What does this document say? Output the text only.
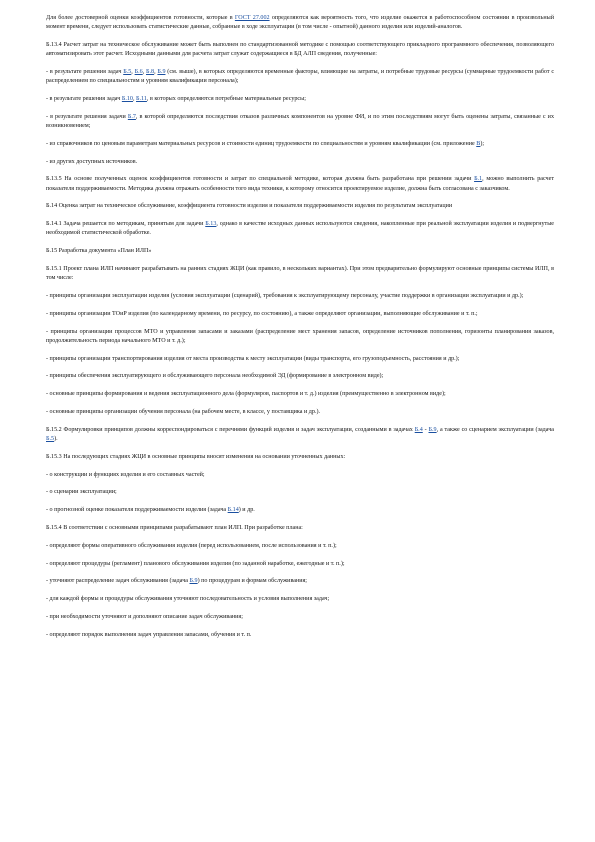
Для более достоверной оценки коэффициентов готовности, которые в ГОСТ 27.002 определяются как вероятность того, что изделие окажется в работоспособном состоянии в произвольный момент времени, следует использовать статистические данные, собранные в ходе эксплуатации (в том числе - опытной) данного изделия или изделий-аналогов.

Б.13.4 Расчет затрат на техническое обслуживание может быть выполнен по стандартизованной методике с помощью соответствующего прикладного программного обеспечения, позволяющего автоматизировать этот расчет. Исходными данными для расчета затрат служат содержащиеся в БД АЛП сведения, полученные:

- в результате решения задач Б.5, Б.6, Б.8, Б.9 (см. выше), в которых определяются временные факторы, влияющие на затраты, и потребные трудовые ресурсы (суммарные трудоемкости работ с распределением по специальностям и уровням квалификации персонала);

- в результате решения задач Б.10, Б.11, в которых определяются потребные материальные ресурсы;

- в результате решения задачи Б.7, в которой определяются последствия отказов различных компонентов на уровне ФИ, и по этим последствиям могут быть оценены затраты, связанные с их возникновением;

- из справочников по ценовым параметрам материальных ресурсов и стоимости единиц трудоемкости по специальностям и уровням квалификации (см. приложение В);

- из других доступных источников.

Б.13.5 На основе полученных оценок коэффициентов готовности и затрат по специальной методике, которая должна быть разработана при решении задачи Б.1, можно выполнить расчет показателя поддерживаемости. Методика должна отражать особенности того вида техники, к которому относится проектируемое изделие, должна быть согласована с заказчиком.

Б.14 Оценка затрат на техническое обслуживание, коэффициента готовности изделия и показателя поддерживаемости изделия по результатам эксплуатации

Б.14.1 Задача решается по методикам, принятым для задачи Б.13, однако в качестве исходных данных используются сведения, накопленные при реальной эксплуатации изделия и подвергнутые необходимой статистической обработке.

Б.15 Разработка документа «План ИЛП»

Б.15.1 Проект плана ИЛП начинают разрабатывать на ранних стадиях ЖЦИ (как правило, в нескольких вариантах). При этом предварительно формулируют основные принципы системы ИЛП, в том числе:

- принципы организации эксплуатации изделия (условия эксплуатации (сценарий), требования к эксплуатирующему персоналу, участие поддержки в организации эксплуатации и др.);

- принципы организации ТОиР изделия (по календарному времени, по ресурсу, по состоянию), а также определяют организации, выполняющие обслуживание и т. п.;

- принципы организации процессов МТО и управления запасами и заказами (распределение мест хранения запасов, определение источников пополнения, горизонты планирования заказов, продолжительность периода начального МТО и т. д.);

- принципы организации транспортирования изделия от места производства к месту эксплуатации (виды транспорта, его грузоподъемность, расстояния и др.);

- принципы обеспечения эксплуатирующего и обслуживающего персонала необходимой ЭД (формирование в электронном виде);

- основные принципы формирования и ведения эксплуатационного дела (формуляров, паспортов и т. д.) изделия (преимущественно в электронном виде);

- основные принципы организации обучения персонала (на рабочем месте, в классе, у поставщика и др.).

Б.15.2 Формулировки принципов должны корреспондироваться с перечнями функций изделия и задач эксплуатации, созданными в задачах Б.4 - Б.9, а также со сценарием эксплуатации (задача Б.5).

Б.15.3 На последующих стадиях ЖЦИ в основные принципы вносят изменения на основании уточненных данных:

- о конструкции и функциях изделия и его составных частей;

- о сценарии эксплуатации;

- о прогнозной оценке показателя поддерживаемости изделия (задача Б.14) и др.

Б.15.4 В соответствии с основными принципами разрабатывают план ИЛП. При разработке плана:

- определяют формы оперативного обслуживания изделия (перед использованием, после использования и т. п.);

- определяют процедуры (регламент) планового обслуживания изделия (по заданной наработке, ежегодные и т. п.);

- уточняют распределение задач обслуживания (задача Б.9) по процедурам и формам обслуживания;

- для каждой формы и процедуры обслуживания уточняют последовательность и условия выполнения задач;

- при необходимости уточняют и дополняют описание задач обслуживания;

- определяют порядок выполнения задач управления запасами, обучения и т. п.
